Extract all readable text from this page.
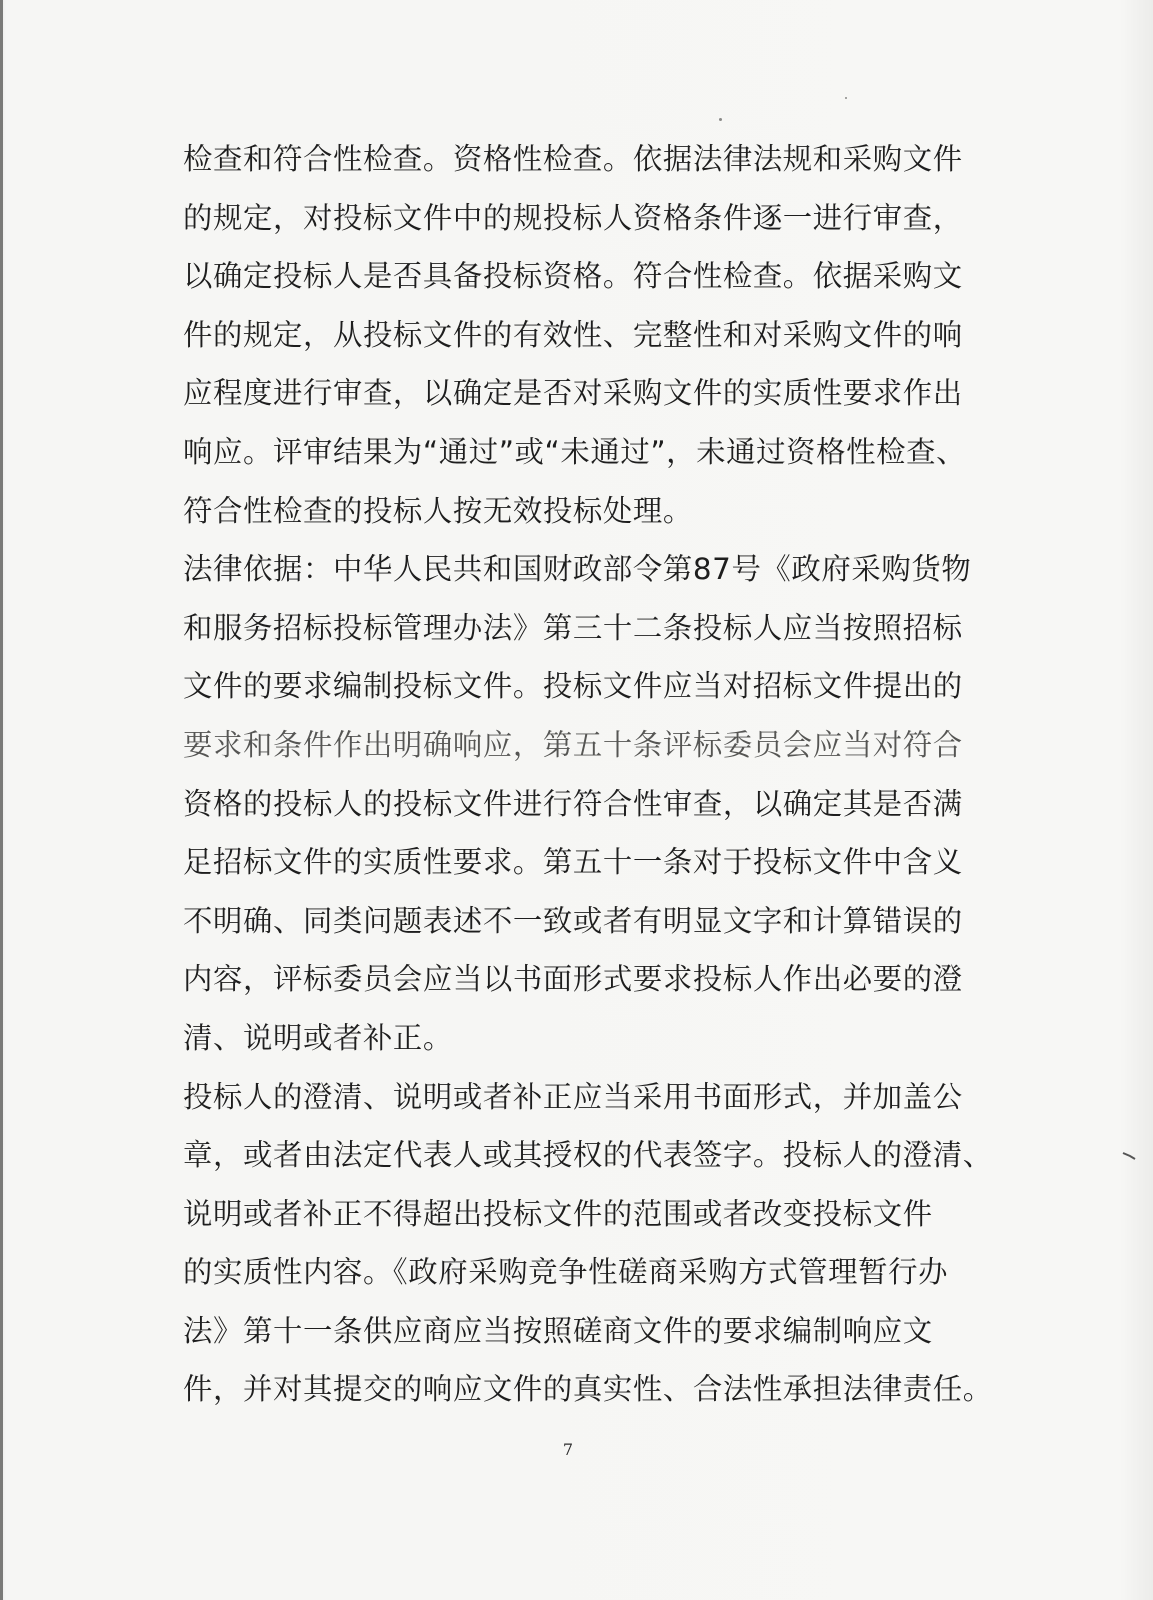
检查和符合性检查。资格性检查。依据法律法规和采购文件
的规定，对投标文件中的规投标人资格条件逐一进行审查，
以确定投标人是否具备投标资格。符合性检查。依据采购文
件的规定，从投标文件的有效性、完整性和对采购文件的响
应程度进行审查，以确定是否对采购文件的实质性要求作出
响应。评审结果为“通过”或“未通过”，未通过资格性检查、
符合性检查的投标人按无效投标处理。
法律依据：中华人民共和国财政部令第87号《政府采购货物
和服务招标投标管理办法》第三十二条投标人应当按照招标
文件的要求编制投标文件。投标文件应当对招标文件提出的
要求和条件作出明确响应，第五十条评标委员会应当对符合
资格的投标人的投标文件进行符合性审查，以确定其是否满
足招标文件的实质性要求。第五十一条对于投标文件中含义
不明确、同类问题表述不一致或者有明显文字和计算错误的
内容，评标委员会应当以书面形式要求投标人作出必要的澄
清、说明或者补正。
投标人的澄清、说明或者补正应当采用书面形式，并加盖公
章，或者由法定代表人或其授权的代表签字。投标人的澄清、
说明或者补正不得超出投标文件的范围或者改变投标文件
的实质性内容。《政府采购竞争性磋商采购方式管理暂行办
法》第十一条供应商应当按照磋商文件的要求编制响应文
件，并对其提交的响应文件的真实性、合法性承担法律责任。
7
